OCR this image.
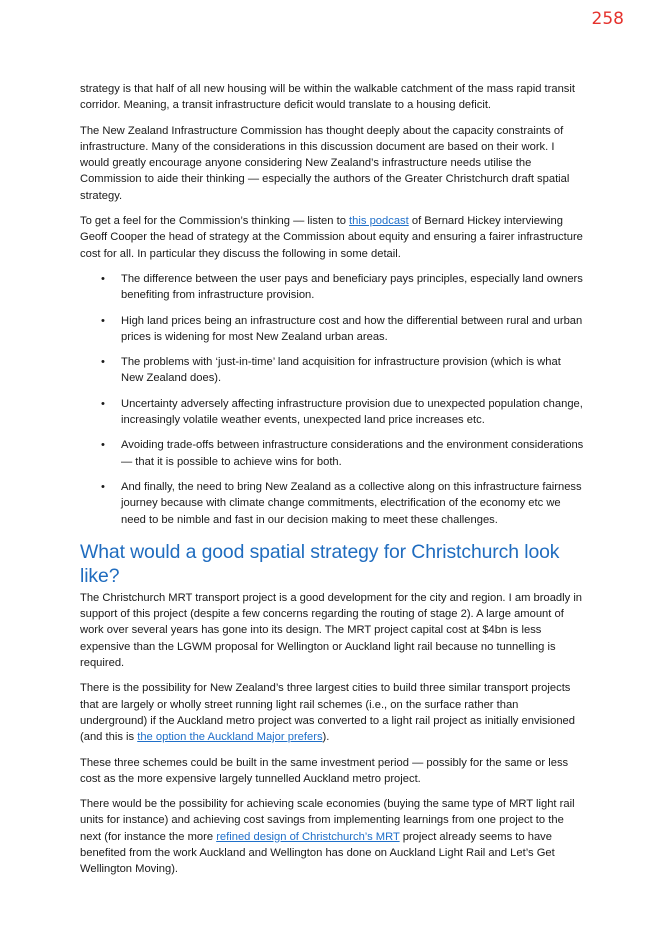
258

strategy is that half of all new housing will be within the walkable catchment of the mass rapid transit corridor. Meaning, a transit infrastructure deficit would translate to a housing deficit.

The New Zealand Infrastructure Commission has thought deeply about the capacity constraints of infrastructure. Many of the considerations in this discussion document are based on their work. I would greatly encourage anyone considering New Zealand’s infrastructure needs utilise the Commission to aide their thinking — especially the authors of the Greater Christchurch draft spatial strategy.

To get a feel for the Commission’s thinking — listen to this podcast of Bernard Hickey interviewing Geoff Cooper the head of strategy at the Commission about equity and ensuring a fairer infrastructure cost for all. In particular they discuss the following in some detail.

• The difference between the user pays and beneficiary pays principles, especially land owners benefiting from infrastructure provision.
• High land prices being an infrastructure cost and how the differential between rural and urban prices is widening for most New Zealand urban areas.
• The problems with ‘just-in-time’ land acquisition for infrastructure provision (which is what New Zealand does).
• Uncertainty adversely affecting infrastructure provision due to unexpected population change, increasingly volatile weather events, unexpected land price increases etc.
• Avoiding trade-offs between infrastructure considerations and the environment considerations — that it is possible to achieve wins for both.
• And finally, the need to bring New Zealand as a collective along on this infrastructure fairness journey because with climate change commitments, electrification of the economy etc we need to be nimble and fast in our decision making to meet these challenges.
What would a good spatial strategy for Christchurch look like?

The Christchurch MRT transport project is a good development for the city and region. I am broadly in support of this project (despite a few concerns regarding the routing of stage 2). A large amount of work over several years has gone into its design. The MRT project capital cost at $4bn is less expensive than the LGWM proposal for Wellington or Auckland light rail because no tunnelling is required.

There is the possibility for New Zealand’s three largest cities to build three similar transport projects that are largely or wholly street running light rail schemes (i.e., on the surface rather than underground) if the Auckland metro project was converted to a light rail project as initially envisioned (and this is the option the Auckland Major prefers).

These three schemes could be built in the same investment period — possibly for the same or less cost as the more expensive largely tunnelled Auckland metro project.

There would be the possibility for achieving scale economies (buying the same type of MRT light rail units for instance) and achieving cost savings from implementing learnings from one project to the next (for instance the more refined design of Christchurch’s MRT project already seems to have benefited from the work Auckland and Wellington has done on Auckland Light Rail and Let’s Get Wellington Moving).
